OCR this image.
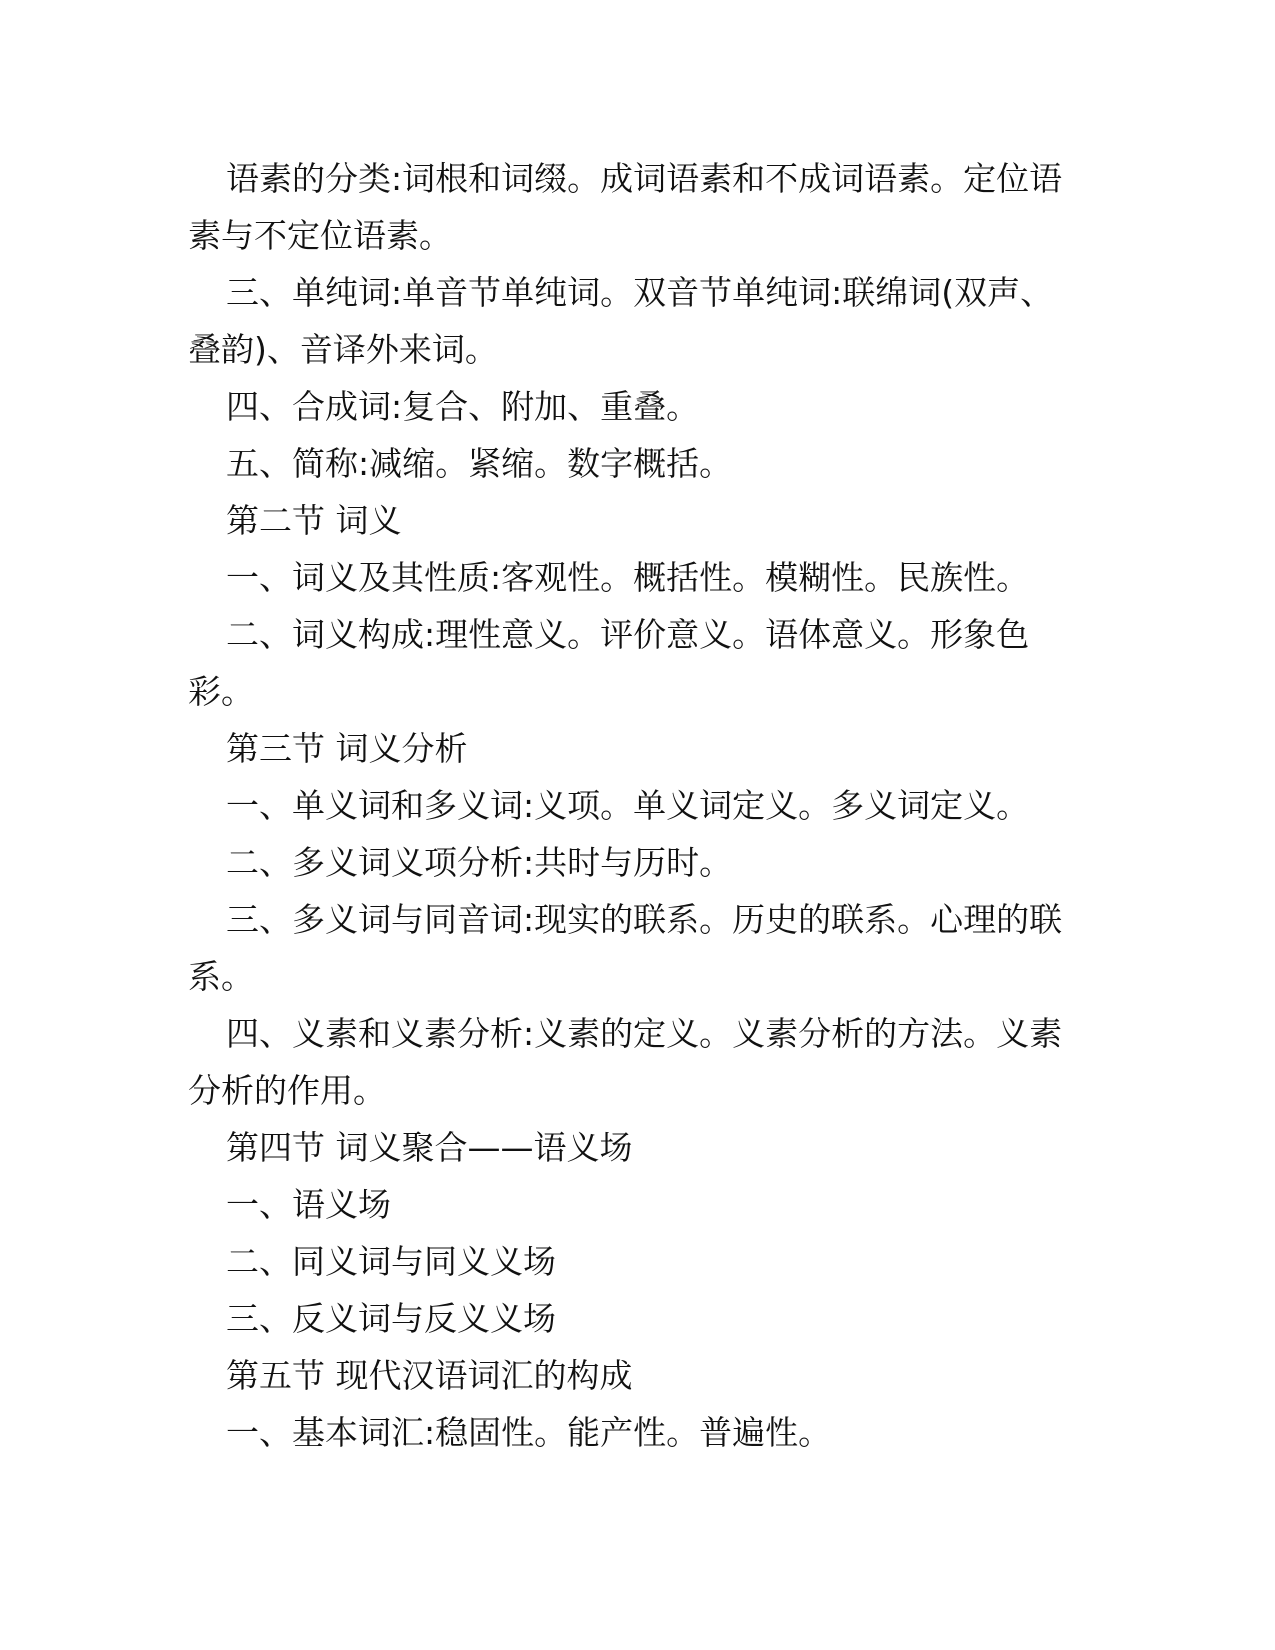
语素的分类:词根和词缀。成词语素和不成词语素。定位语素与不定位语素。

三、单纯词:单音节单纯词。双音节单纯词:联绵词(双声、叠韵)、音译外来词。

四、合成词:复合、附加、重叠。

五、简称:减缩。紧缩。数字概括。

第二节 词义

一、词义及其性质:客观性。概括性。模糊性。民族性。

二、词义构成:理性意义。评价意义。语体意义。形象色彩。

第三节 词义分析

一、单义词和多义词:义项。单义词定义。多义词定义。

二、多义词义项分析:共时与历时。

三、多义词与同音词:现实的联系。历史的联系。心理的联系。

四、义素和义素分析:义素的定义。义素分析的方法。义素分析的作用。

第四节 词义聚合——语义场

一、语义场

二、同义词与同义义场

三、反义词与反义义场

第五节 现代汉语词汇的构成

一、基本词汇:稳固性。能产性。普遍性。
